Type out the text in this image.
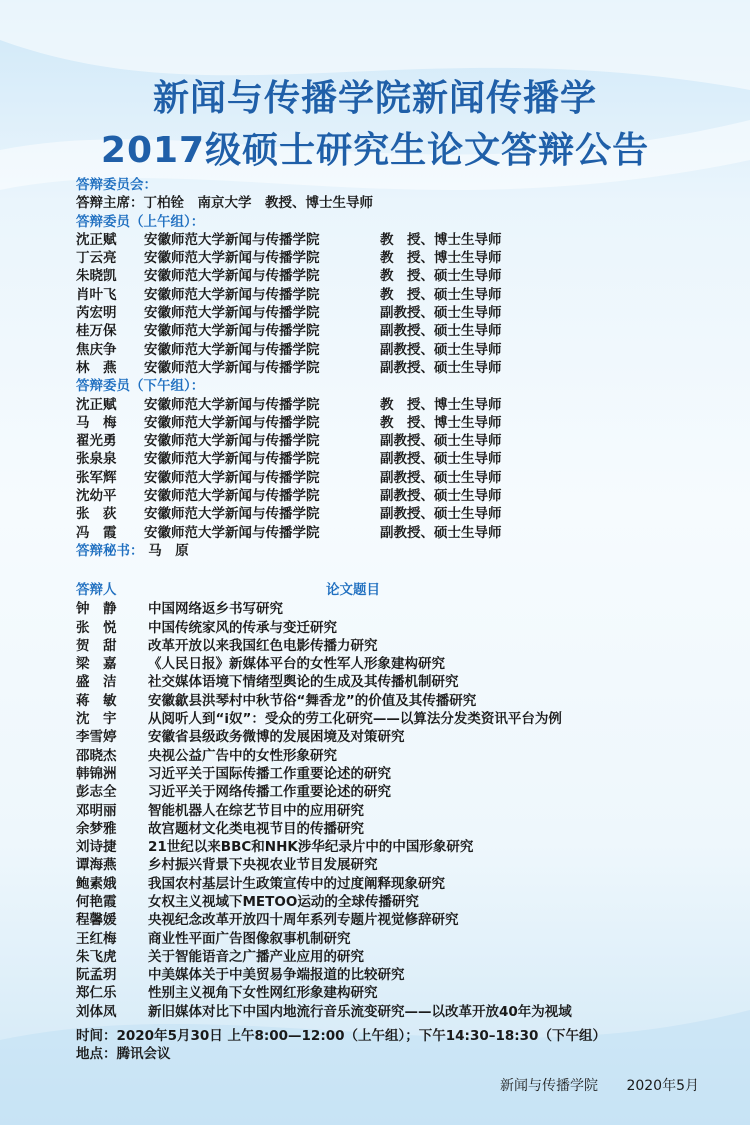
新闻与传播学院新闻传播学
2017级硕士研究生论文答辩公告
答辩委员会：
答辩主席：丁柏铨　南京大学　教授、博士生导师
答辩委员（上午组）：
沈正赋 安徽师范大学新闻与传播学院	教　授、博士生导师
丁云亮 安徽师范大学新闻与传播学院	教　授、博士生导师
朱晓凯 安徽师范大学新闻与传播学院	教　授、硕士生导师
肖叶飞 安徽师范大学新闻与传播学院	教　授、硕士生导师
芮宏明 安徽师范大学新闻与传播学院	副教授、硕士生导师
桂万保 安徽师范大学新闻与传播学院	副教授、硕士生导师
焦庆争 安徽师范大学新闻与传播学院	副教授、硕士生导师
林　燕 安徽师范大学新闻与传播学院	副教授、硕士生导师
答辩委员（下午组）：
沈正赋 安徽师范大学新闻与传播学院	教　授、博士生导师
马　梅 安徽师范大学新闻与传播学院	教　授、博士生导师
翟光勇 安徽师范大学新闻与传播学院	副教授、硕士生导师
张泉泉 安徽师范大学新闻与传播学院	副教授、硕士生导师
张军辉 安徽师范大学新闻与传播学院	副教授、硕士生导师
沈幼平 安徽师范大学新闻与传播学院	副教授、硕士生导师
张　荻 安徽师范大学新闻与传播学院	副教授、硕士生导师
冯　霞 安徽师范大学新闻与传播学院	副教授、硕士生导师
答辩秘书： 马　原
答辩人	论文题目
钟　静 中国网络返乡书写研究
张　悦 中国传统家风的传承与变迁研究
贺　甜 改革开放以来我国红色电影传播力研究
梁　嘉 《人民日报》新媒体平台的女性军人形象建构研究
盛　洁 社交媒体语境下情绪型舆论的生成及其传播机制研究
蒋　敏 安徽歙县洪琴村中秋节俗“舞香龙”的价值及其传播研究
沈　宇 从阅听人到“i奴”：受众的劳工化研究——以算法分发类资讯平台为例
李雪婷 安徽省县级政务微博的发展困境及对策研究
邵晓杰 央视公益广告中的女性形象研究
韩锦洲 习近平关于国际传播工作重要论述的研究
彭志全 习近平关于网络传播工作重要论述的研究
邓明丽 智能机器人在综艺节目中的应用研究
余梦雅 故宫题材文化类电视节目的传播研究
刘诗捷 21世纪以来BBC和NHK涉华纪录片中的中国形象研究
谭海燕 乡村振兴背景下央视农业节目发展研究
鲍素娥 我国农村基层计生政策宣传中的过度阐释现象研究
何艳霞 女权主义视域下METOO运动的全球传播研究
程馨媛 央视纪念改革开放四十周年系列专题片视觉修辞研究
王红梅 商业性平面广告图像叙事机制研究
朱飞虎 关于智能语音之广播产业应用的研究
阮孟玥 中美媒体关于中美贸易争端报道的比较研究
郑仁乐 性别主义视角下女性网红形象建构研究
刘体凤 新旧媒体对比下中国内地流行音乐流变研究——以改革开放40年为视域
时间：2020年5月30日 上午8:00—12:00（上午组）；下午14:30–18:30（下午组）
地点：腾讯会议
新闻与传播学院 2020年5月
